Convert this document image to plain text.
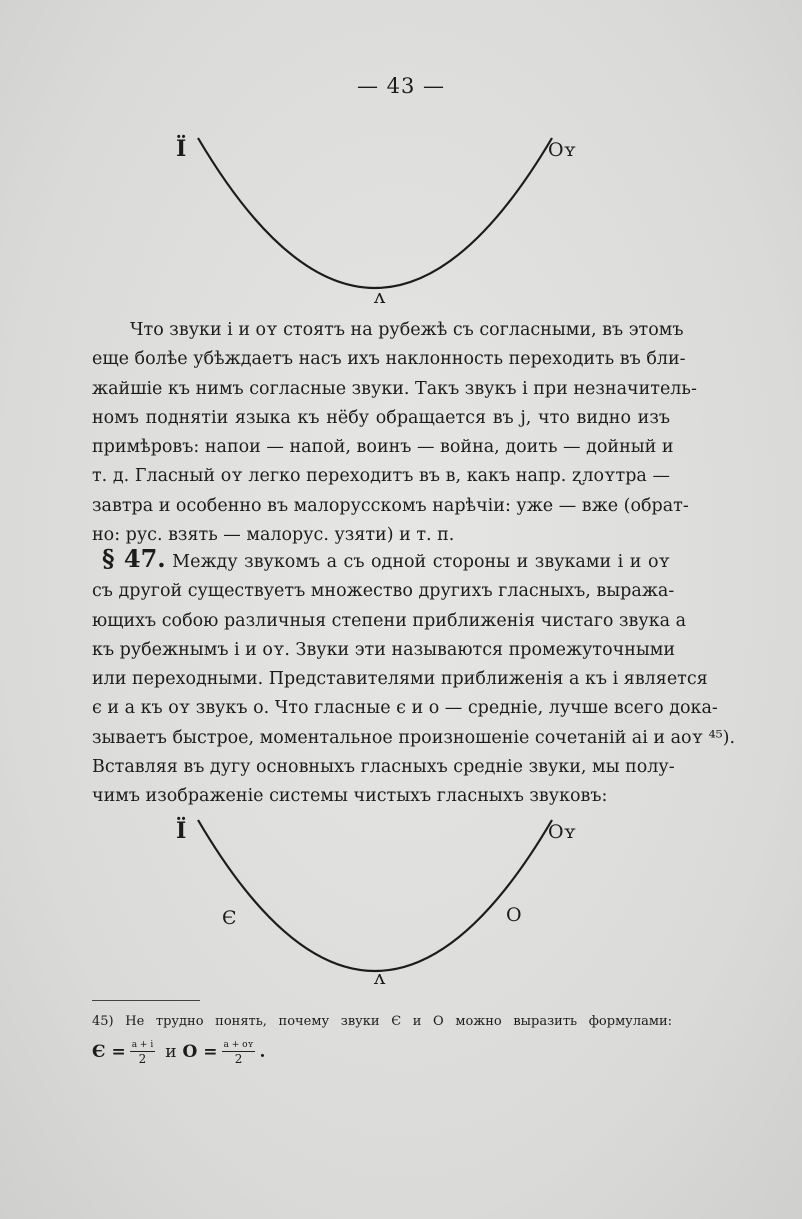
— 43 —
Ï	Oʏ
ʌ
Что звуки і и оʏ стоятъ на рубежѣ съ согласными, въ этомъ
еще болѣе убѣждаетъ насъ ихъ наклонность переходить въ бли-
жайшіе къ нимъ согласные звуки. Такъ звукъ і при незначитель-
номъ поднятіи языка къ нёбу обращается въ j, что видно изъ
примѣровъ: напои — напой, воинъ — война, доить — дойный и
т. д. Гласный оʏ легко переходитъ въ в, какъ напр. ʐлоʏтра —
завтра и особенно въ малорусскомъ нарѣчіи: уже — вже (обрат-
но: рус. взять — малорус. узяти) и т. п.
§ 47. Между звукомъ а съ одной стороны и звуками і и оʏ
съ другой существуетъ множество другихъ гласныхъ, выража-
ющихъ собою различныя степени приближенія чистаго звука а
къ рубежнымъ і и оʏ. Звуки эти называются промежуточными
или переходными. Представителями приближенія а къ і является
є и а къ оʏ звукъ о. Что гласные є и о — средніе, лучше всего дока-
зываетъ быстрое, моментальное произношеніе сочетаній аі и аоʏ ⁴⁵).
Вставляя въ дугу основныхъ гласныхъ средніе звуки, мы полу-
чимъ изображеніе системы чистыхъ гласныхъ звуковъ:
Ï	Oʏ
Є	О
ʌ
45) Не трудно понять, почему звуки Є и О можно выразить формулами:
$Є = \frac{а + і}{2}$ и $О = \frac{\text{а + оʏ}}{2}$ .
